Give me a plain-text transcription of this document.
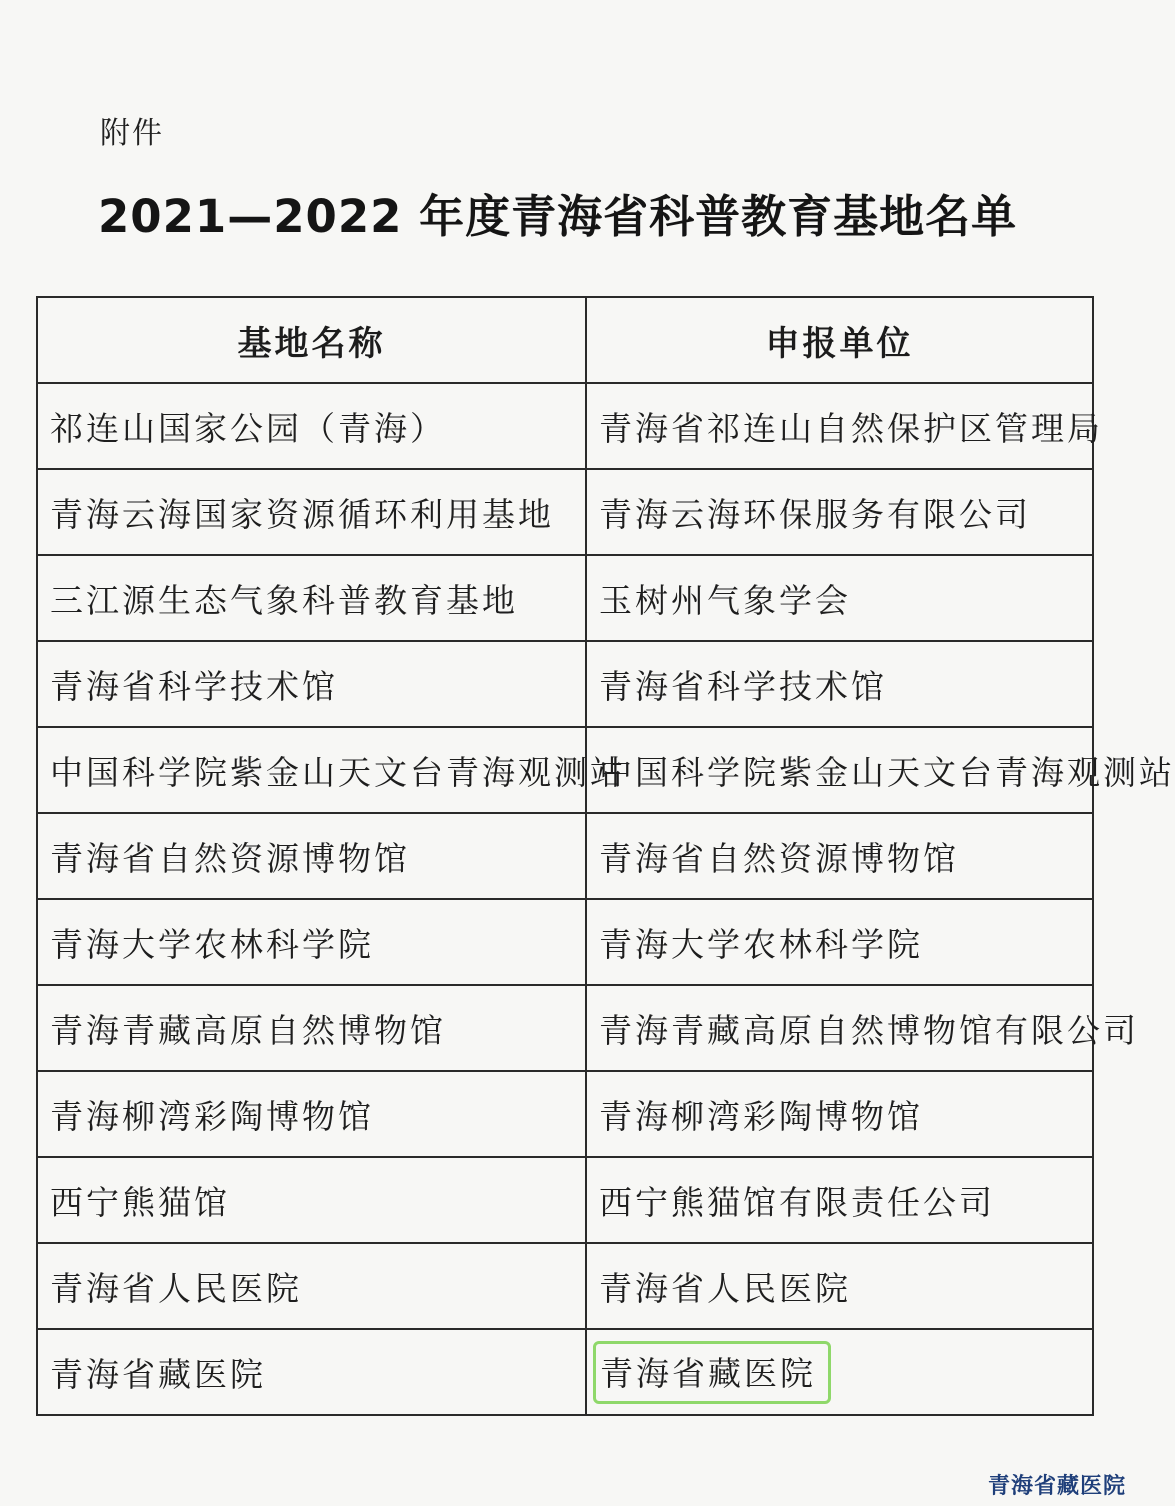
附件
2021—2022 年度青海省科普教育基地名单
基地名称	申报单位
祁连山国家公园（青海）	青海省祁连山自然保护区管理局
青海云海国家资源循环利用基地	青海云海环保服务有限公司
三江源生态气象科普教育基地	玉树州气象学会
青海省科学技术馆	青海省科学技术馆
中国科学院紫金山天文台青海观测站	中国科学院紫金山天文台青海观测站
青海省自然资源博物馆	青海省自然资源博物馆
青海大学农林科学院	青海大学农林科学院
青海青藏高原自然博物馆	青海青藏高原自然博物馆有限公司
青海柳湾彩陶博物馆	青海柳湾彩陶博物馆
西宁熊猫馆	西宁熊猫馆有限责任公司
青海省人民医院	青海省人民医院
青海省藏医院	青海省藏医院
青海省藏医院
